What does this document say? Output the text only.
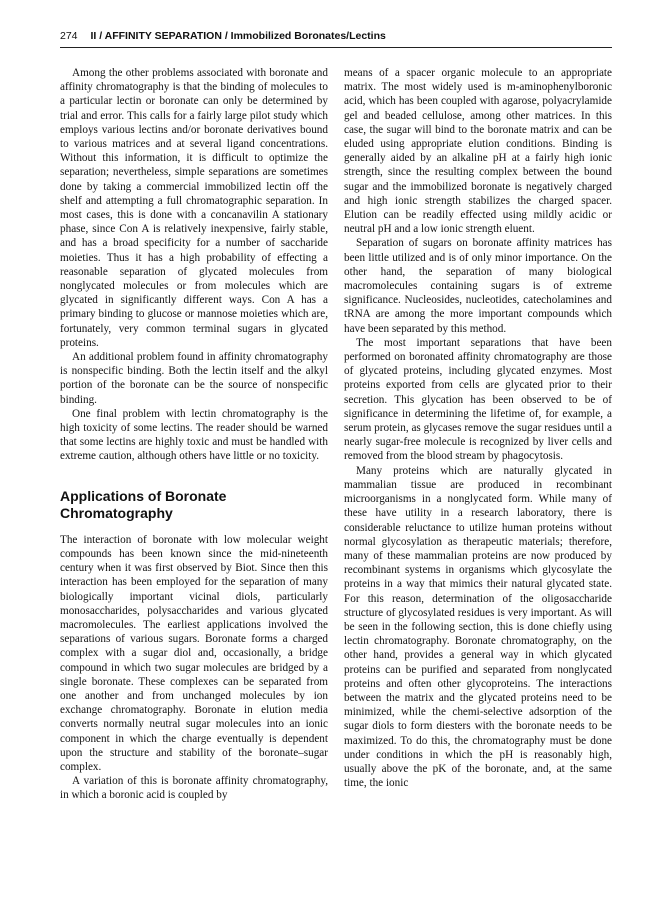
274 II / AFFINITY SEPARATION / Immobilized Boronates/Lectins

Among the other problems associated with boronate and affinity chromatography is that the binding of molecules to a particular lectin or boronate can only be determined by trial and error. This calls for a fairly large pilot study which employs various lectins and/or boronate derivatives bound to various matrices and at several ligand concentrations. Without this information, it is difficult to optimize the separation; nevertheless, simple separations are sometimes done by taking a commercial immobilized lectin off the shelf and attempting a full chromatographic separation. In most cases, this is done with a concanavilin A stationary phase, since Con A is relatively inexpensive, fairly stable, and has a broad specificity for a number of saccharide moieties. Thus it has a high probability of effecting a reasonable separation of glycated molecules from nonglycated molecules or from molecules which are glycated in significantly different ways. Con A has a primary binding to glucose or mannose moieties which are, fortunately, very common terminal sugars in glycated proteins.

An additional problem found in affinity chromatography is nonspecific binding. Both the lectin itself and the alkyl portion of the boronate can be the source of nonspecific binding.

One final problem with lectin chromatography is the high toxicity of some lectins. The reader should be warned that some lectins are highly toxic and must be handled with extreme caution, although others have little or no toxicity.

Applications of Boronate Chromatography

The interaction of boronate with low molecular weight compounds has been known since the mid-nineteenth century when it was first observed by Biot. Since then this interaction has been employed for the separation of many biologically important vicinal diols, particularly monosaccharides, polysaccharides and various glycated macromolecules. The earliest applications involved the separations of various sugars. Boronate forms a charged complex with a sugar diol and, occasionally, a bridge compound in which two sugar molecules are bridged by a single boronate. These complexes can be separated from one another and from unchanged molecules by ion exchange chromatography. Boronate in elution media converts normally neutral sugar molecules into an ionic component in which the charge eventually is dependent upon the structure and stability of the boronate–sugar complex.

A variation of this is boronate affinity chromatography, in which a boronic acid is coupled by

means of a spacer organic molecule to an appropriate matrix. The most widely used is m-aminophenylboronic acid, which has been coupled with agarose, polyacrylamide gel and beaded cellulose, among other matrices. In this case, the sugar will bind to the boronate matrix and can be eluded using appropriate elution conditions. Binding is generally aided by an alkaline pH at a fairly high ionic strength, since the resulting complex between the bound sugar and the immobilized boronate is negatively charged and high ionic strength stabilizes the charged spacer. Elution can be readily effected using mildly acidic or neutral pH and a low ionic strength eluent.

Separation of sugars on boronate affinity matrices has been little utilized and is of only minor importance. On the other hand, the separation of many biological macromolecules containing sugars is of extreme significance. Nucleosides, nucleotides, catecholamines and tRNA are among the more important compounds which have been separated by this method.

The most important separations that have been performed on boronated affinity chromatography are those of glycated proteins, including glycated enzymes. Most proteins exported from cells are glycated prior to their secretion. This glycation has been observed to be of significance in determining the lifetime of, for example, a serum protein, as glycases remove the sugar residues until a nearly sugar-free molecule is recognized by liver cells and removed from the blood stream by phagocytosis.

Many proteins which are naturally glycated in mammalian tissue are produced in recombinant microorganisms in a nonglycated form. While many of these have utility in a research laboratory, there is considerable reluctance to utilize human proteins without normal glycosylation as therapeutic materials; therefore, many of these mammalian proteins are now produced by recombinant systems in organisms which glycosylate the proteins in a way that mimics their natural glycated state. For this reason, determination of the oligosaccharide structure of glycosylated residues is very important. As will be seen in the following section, this is done chiefly using lectin chromatography. Boronate chromatography, on the other hand, provides a general way in which glycated proteins can be purified and separated from nonglycated proteins and often other glycoproteins. The interactions between the matrix and the glycated proteins need to be minimized, while the chemi-selective adsorption of the sugar diols to form diesters with the boronate needs to be maximized. To do this, the chromatography must be done under conditions in which the pH is reasonably high, usually above the pK of the boronate, and, at the same time, the ionic
